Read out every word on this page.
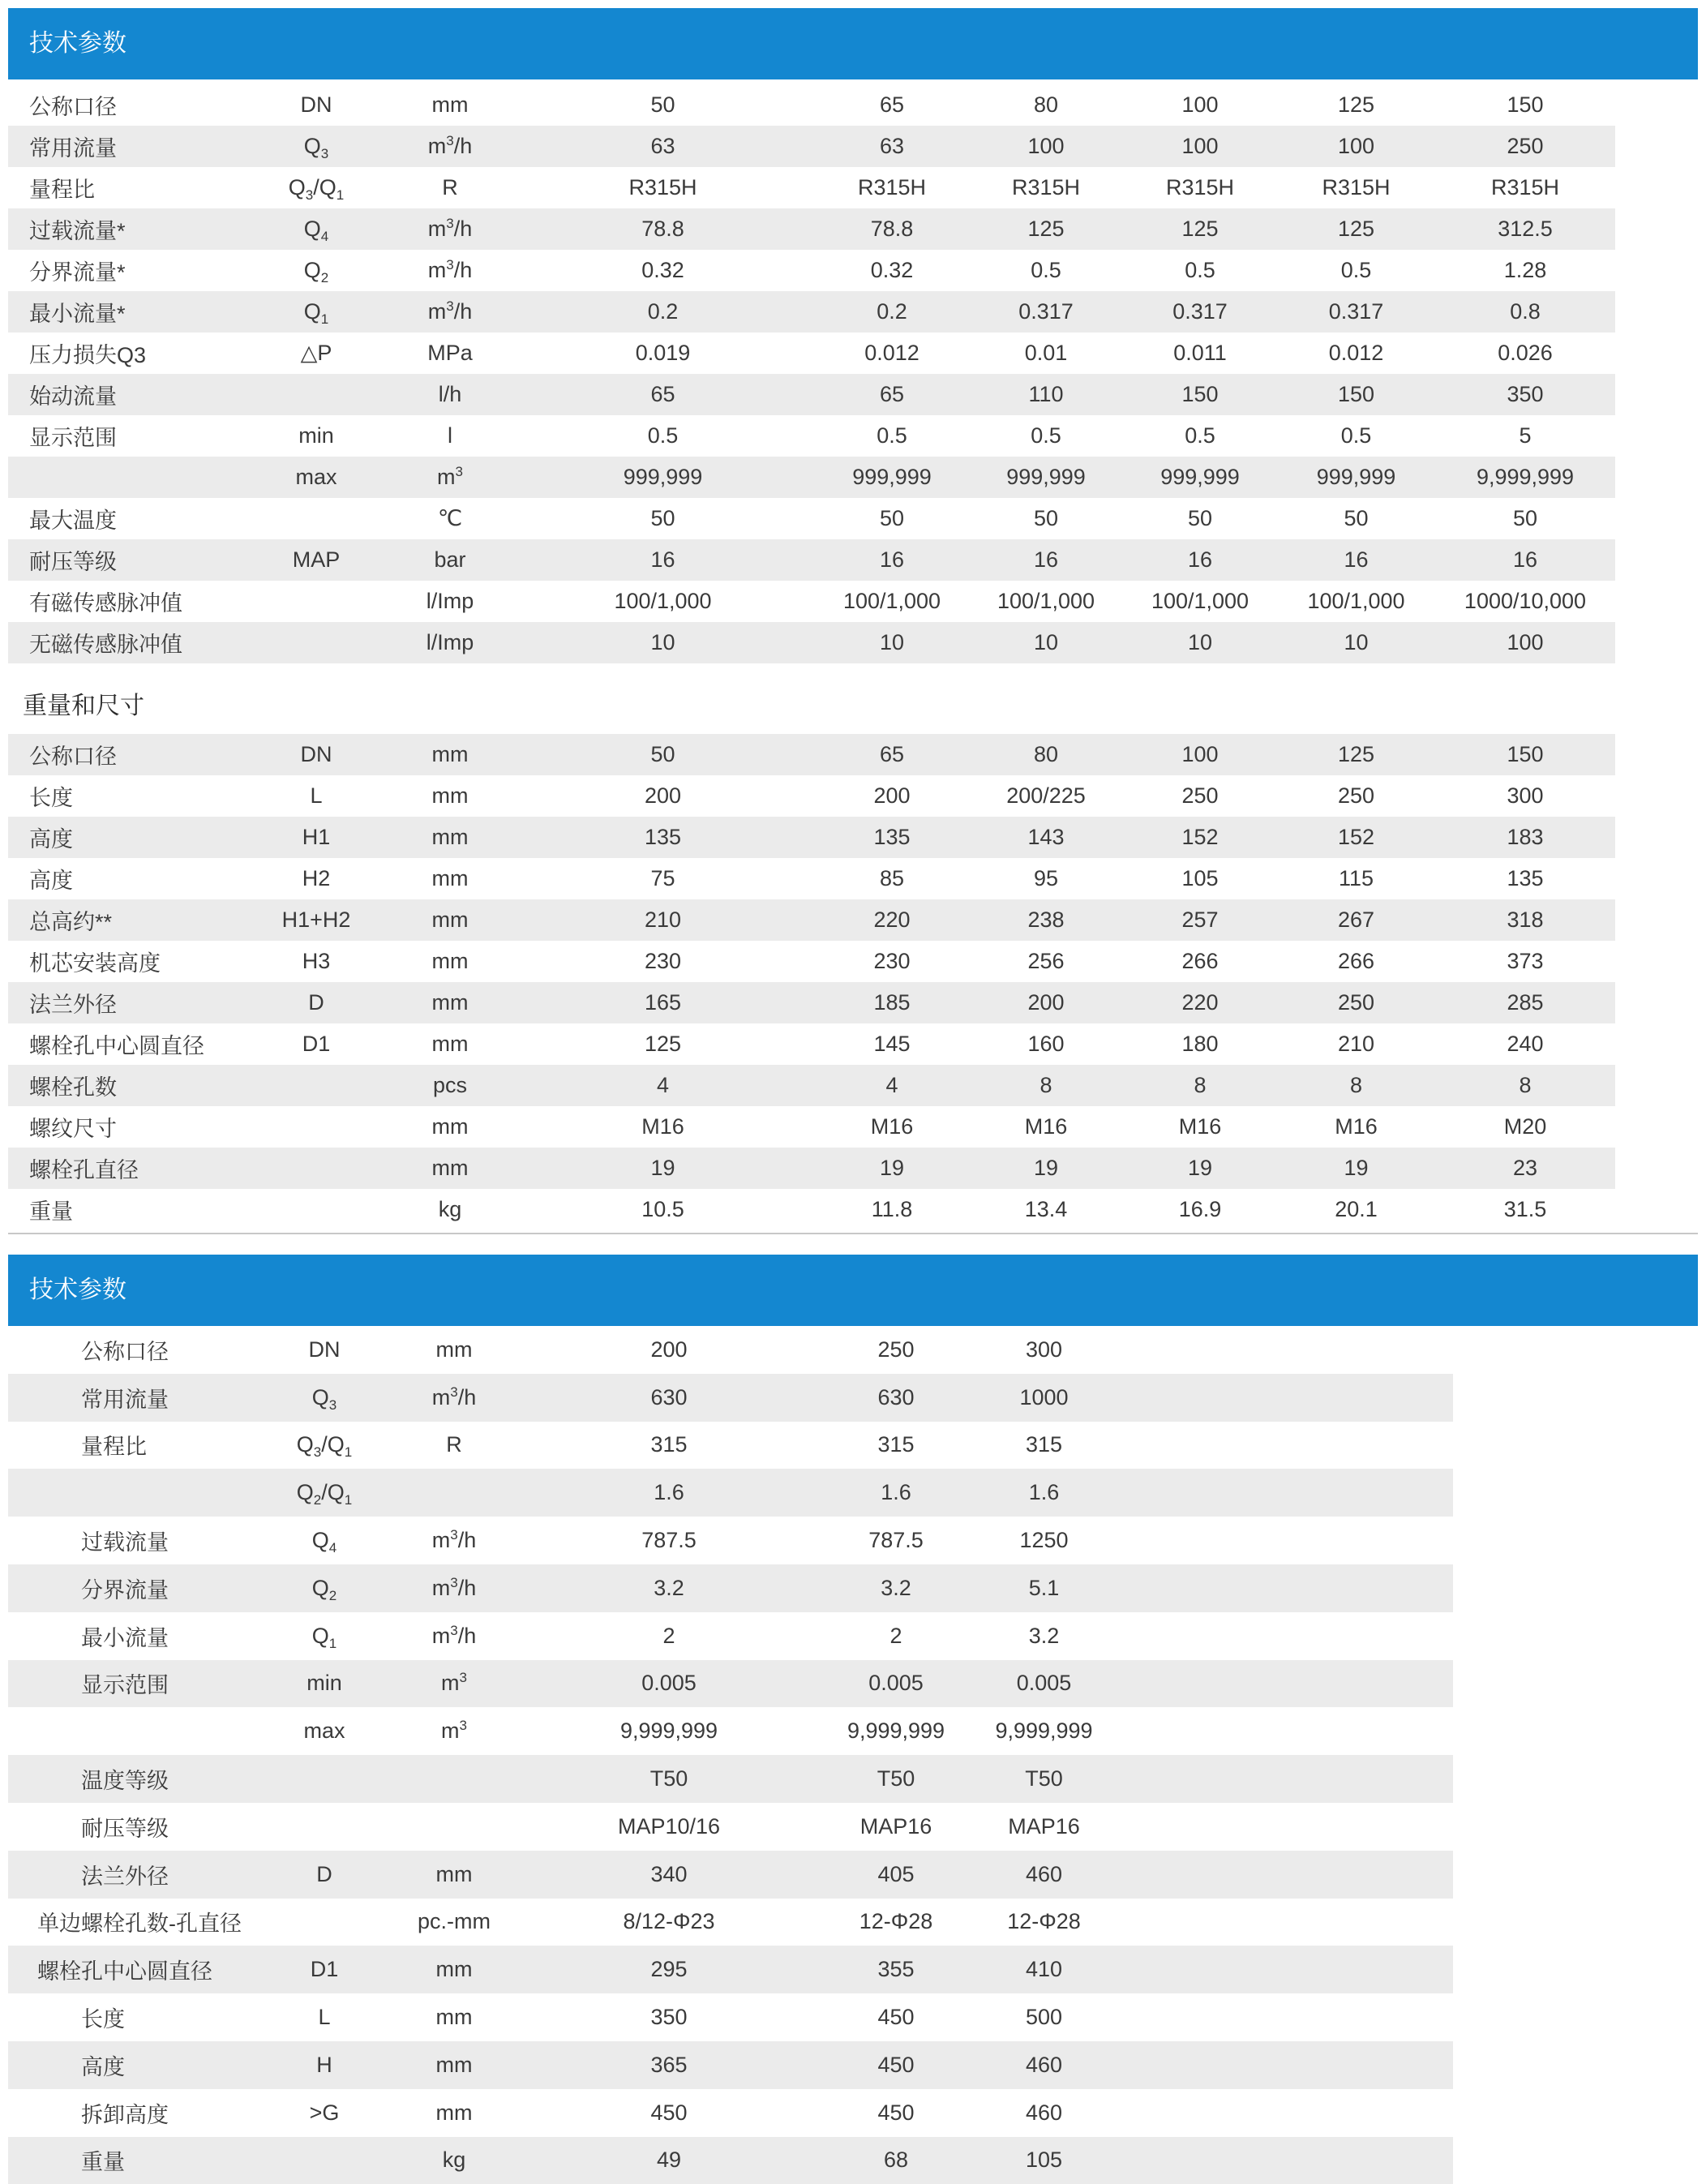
技术参数
公称口径	DN	mm	50	65	80	100	125	150
常用流量	$Q_3$	$m^3/h$	63	63	100	100	100	250
量程比	$Q_3/Q_1$	R	R315H	R315H	R315H	R315H	R315H	R315H
过载流量*	$Q_4$	$m^3/h$	78.8	78.8	125	125	125	312.5
分界流量*	$Q_2$	$m^3/h$	0.32	0.32	0.5	0.5	0.5	1.28
最小流量*	$Q_1$	$m^3/h$	0.2	0.2	0.317	0.317	0.317	0.8
压力损失Q3	△P	MPa	0.019	0.012	0.01	0.011	0.012	0.026
始动流量		l/h	65	65	110	150	150	350
显示范围	min	l	0.5	0.5	0.5	0.5	0.5	5
	max	$m^3$	999,999	999,999	999,999	999,999	999,999	9,999,999
最大温度		℃	50	50	50	50	50	50
耐压等级	MAP	bar	16	16	16	16	16	16
有磁传感脉冲值		l/Imp	100/1,000	100/1,000	100/1,000	100/1,000	100/1,000	1000/10,000
无磁传感脉冲值		l/Imp	10	10	10	10	10	100
重量和尺寸
公称口径	DN	mm	50	65	80	100	125	150
长度	L	mm	200	200	200/225	250	250	300
高度	H1	mm	135	135	143	152	152	183
高度	H2	mm	75	85	95	105	115	135
总高约**	H1+H2	mm	210	220	238	257	267	318
机芯安装高度	H3	mm	230	230	256	266	266	373
法兰外径	D	mm	165	185	200	220	250	285
螺栓孔中心圆直径	D1	mm	125	145	160	180	210	240
螺栓孔数		pcs	4	4	8	8	8	8
螺纹尺寸		mm	M16	M16	M16	M16	M16	M20
螺栓孔直径		mm	19	19	19	19	19	23
重量		kg	10.5	11.8	13.4	16.9	20.1	31.5
技术参数
公称口径	DN	mm	200	250	300	
常用流量	$Q_3$	$m^3/h$	630	630	1000	
量程比	$Q_3/Q_1$	R	315	315	315	
	$Q_2/Q_1$		1.6	1.6	1.6	
过载流量	$Q_4$	$m^3/h$	787.5	787.5	1250	
分界流量	$Q_2$	$m^3/h$	3.2	3.2	5.1	
最小流量	$Q_1$	$m^3/h$	2	2	3.2	
显示范围	min	$m^3$	0.005	0.005	0.005	
	max	$m^3$	9,999,999	9,999,999	9,999,999	
温度等级			T50	T50	T50	
耐压等级			MAP10/16	MAP16	MAP16	
法兰外径	D	mm	340	405	460	
单边螺栓孔数-孔直径		pc.-mm	8/12-Φ23	12-Φ28	12-Φ28	
螺栓孔中心圆直径	D1	mm	295	355	410	
长度	L	mm	350	450	500	
高度	H	mm	365	450	460	
拆卸高度	>G	mm	450	450	460	
重量		kg	49	68	105	
